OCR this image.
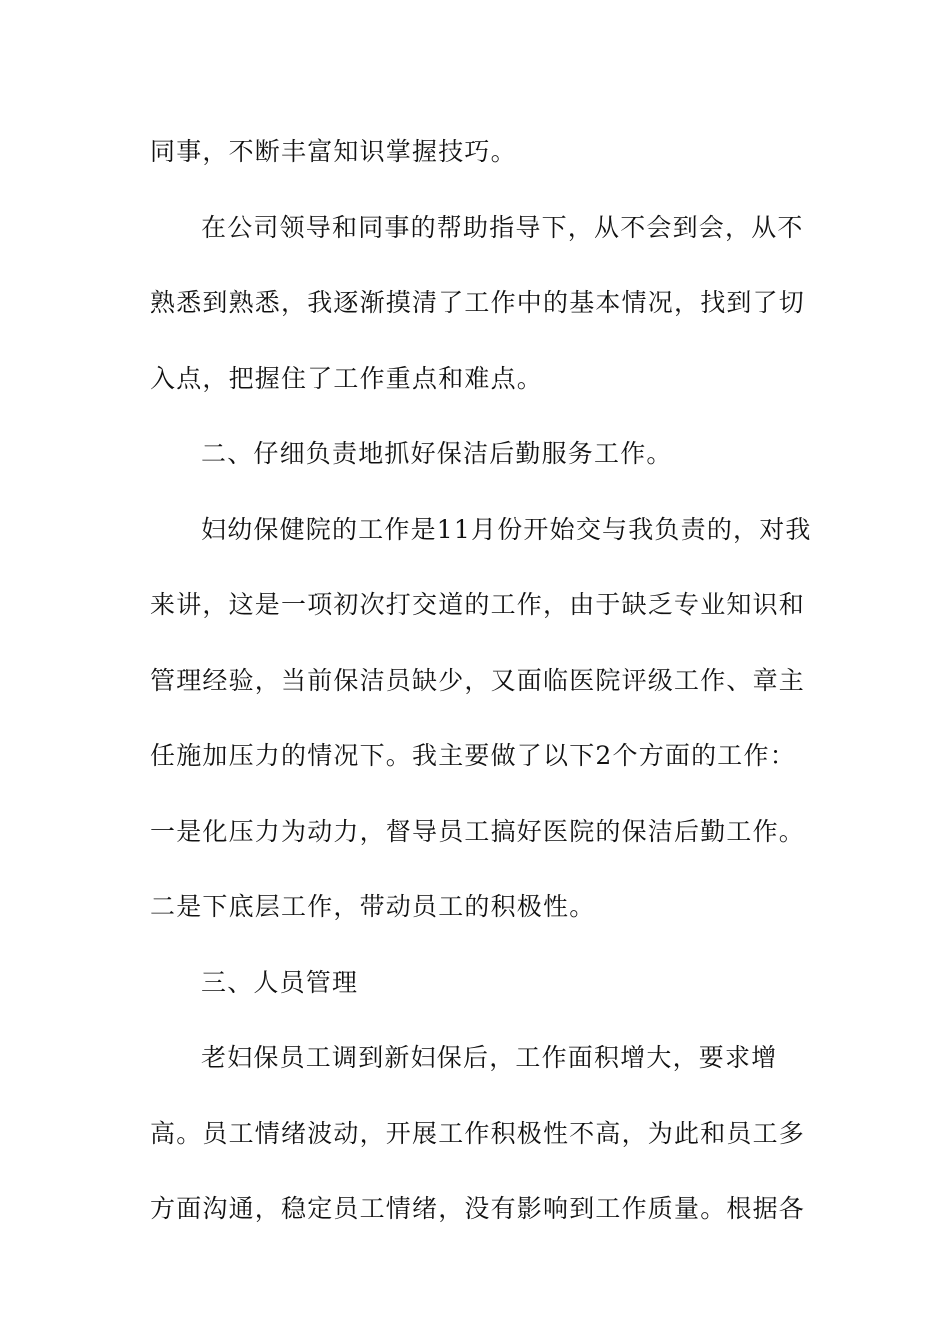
同事，不断丰富知识掌握技巧。
在公司领导和同事的帮助指导下，从不会到会，从不
熟悉到熟悉，我逐渐摸清了工作中的基本情况，找到了切
入点，把握住了工作重点和难点。
二、仔细负责地抓好保洁后勤服务工作。
妇幼保健院的工作是11月份开始交与我负责的，对我
来讲，这是一项初次打交道的工作，由于缺乏专业知识和
管理经验，当前保洁员缺少，又面临医院评级工作、章主
任施加压力的情况下。我主要做了以下2个方面的工作：
一是化压力为动力，督导员工搞好医院的保洁后勤工作。
二是下底层工作，带动员工的积极性。
三、人员管理
老妇保员工调到新妇保后，工作面积增大，要求增
高。员工情绪波动，开展工作积极性不高，为此和员工多
方面沟通，稳定员工情绪，没有影响到工作质量。根据各
